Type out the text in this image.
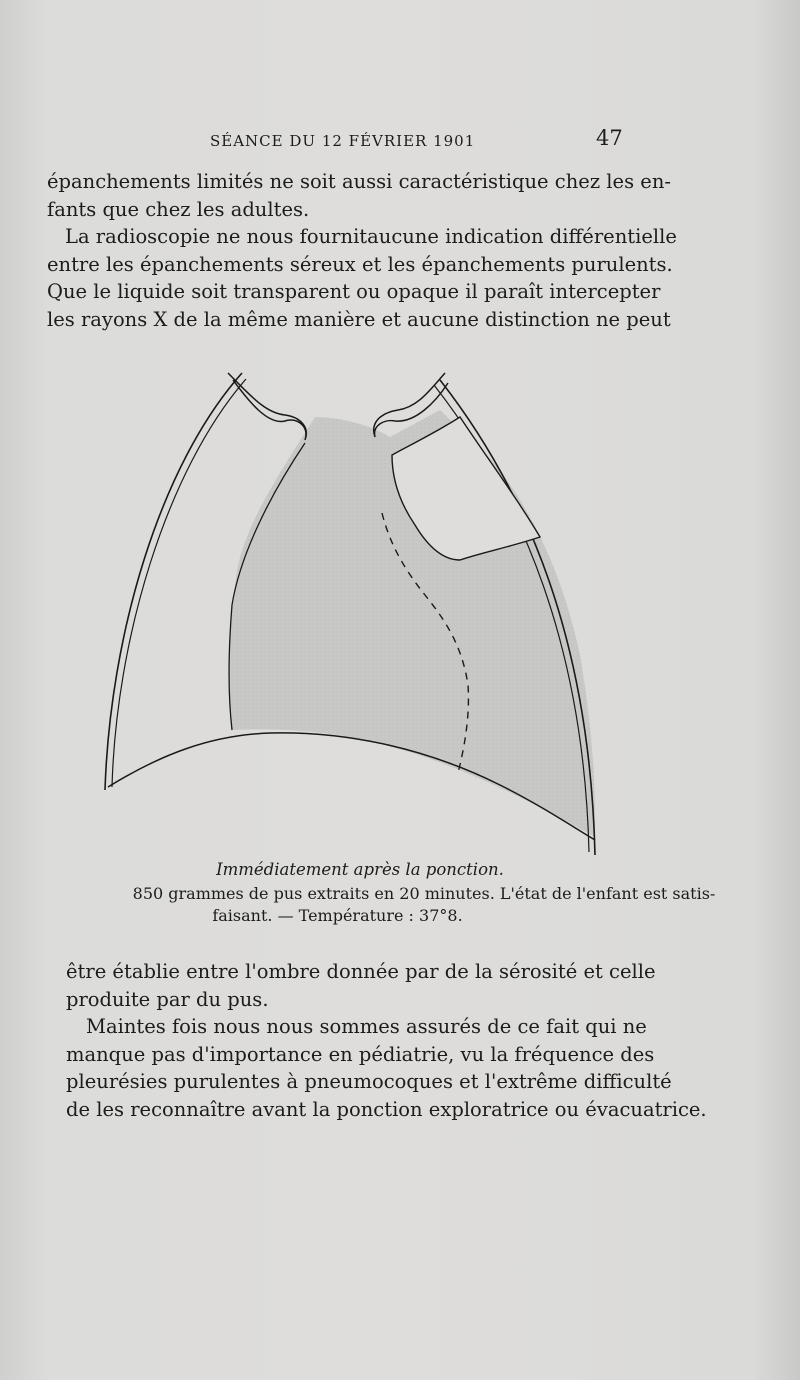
SÉANCE DU 12 FÉVRIER 1901	47
épanchements limités ne soit aussi caractéristique chez les en-
fants que chez les adultes.
La radioscopie ne nous fournitaucune indication différentielle
entre les épanchements séreux et les épanchements purulents.
Que le liquide soit transparent ou opaque il paraît intercepter
les rayons X de la même manière et aucune distinction ne peut
Immédiatement après la ponction.
850 grammes de pus extraits en 20 minutes. L'état de l'enfant est satis-
faisant. — Température : 37°8.
être établie entre l'ombre donnée par de la sérosité et celle
produite par du pus.
Maintes fois nous nous sommes assurés de ce fait qui ne
manque pas d'importance en pédiatrie, vu la fréquence des
pleurésies purulentes à pneumocoques et l'extrême difficulté
de les reconnaître avant la ponction exploratrice ou évacuatrice.
